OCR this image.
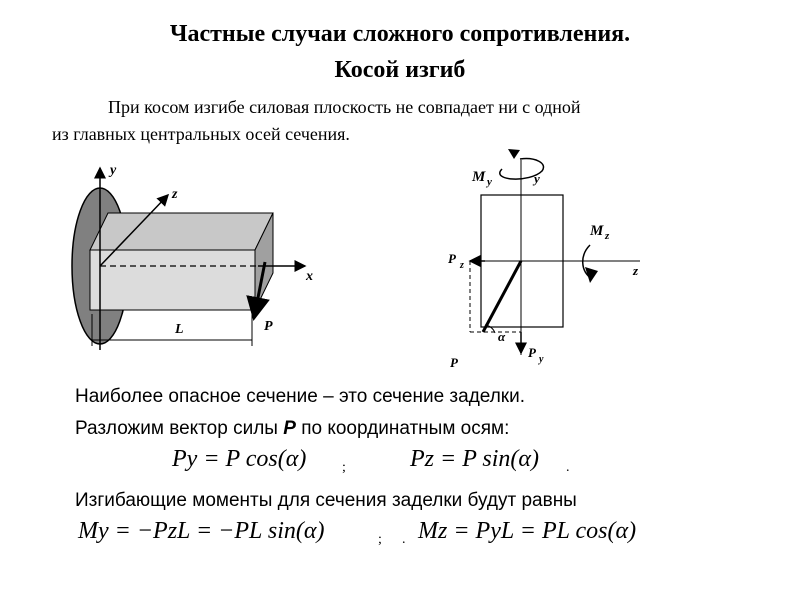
Частные случаи сложного сопротивления.
Косой изгиб
При косом изгибе силовая плоскость не совпадает ни с одной
из главных центральных осей сечения.
y
z
x
L	P
M y	y
M z
P z	z
α
P y
P
Наиболее опасное сечение – это сечение заделки.
Разложим вектор силы P по координатным осям:
Py = P cos(α)	;	Pz = P sin(α) .
Изгибающие моменты для сечения заделки будут равны
My = −PzL = −PL sin(α)	; . Mz = PyL = PL cos(α)
